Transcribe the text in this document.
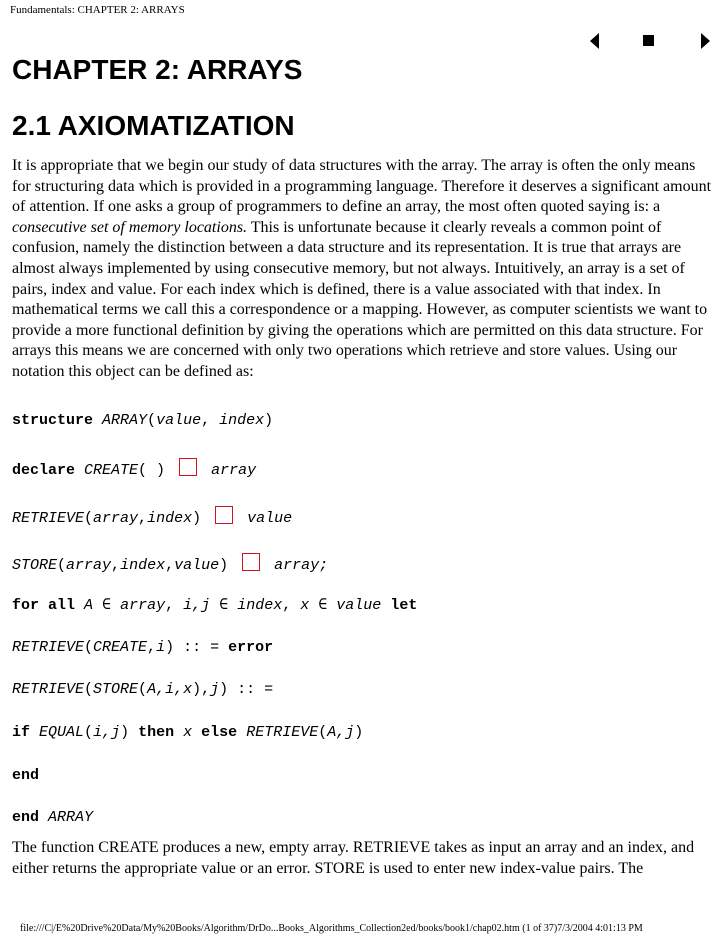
Fundamentals: CHAPTER 2: ARRAYS
CHAPTER 2: ARRAYS
2.1 AXIOMATIZATION

It is appropriate that we begin our study of data structures with the array. The array is often the only means for structuring data which is provided in a programming language. Therefore it deserves a significant amount of attention. If one asks a group of programmers to define an array, the most often quoted saying is: a consecutive set of memory locations. This is unfortunate because it clearly reveals a common point of confusion, namely the distinction between a data structure and its representation. It is true that arrays are almost always implemented by using consecutive memory, but not always. Intuitively, an array is a set of pairs, index and value. For each index which is defined, there is a value associated with that index. In mathematical terms we call this a correspondence or a mapping. However, as computer scientists we want to provide a more functional definition by giving the operations which are permitted on this data structure. For arrays this means we are concerned with only two operations which retrieve and store values. Using our notation this object can be defined as:

structure ARRAY(value, index)
declare CREATE( )	array
RETRIEVE(array,index)	value
STORE(array,index,value)	array;
for all A ∈ array, i,j ∈ index, x ∈ value let
RETRIEVE(CREATE,i) :: = error
RETRIEVE(STORE(A,i,x),j) :: =
if EQUAL(i,j) then x else RETRIEVE(A,j)
end
end ARRAY

The function CREATE produces a new, empty array. RETRIEVE takes as input an array and an index, and either returns the appropriate value or an error. STORE is used to enter new index-value pairs. The

file:///C|/E%20Drive%20Data/My%20Books/Algorithm/DrDo...Books_Algorithms_Collection2ed/books/book1/chap02.htm (1 of 37)7/3/2004 4:01:13 PM
